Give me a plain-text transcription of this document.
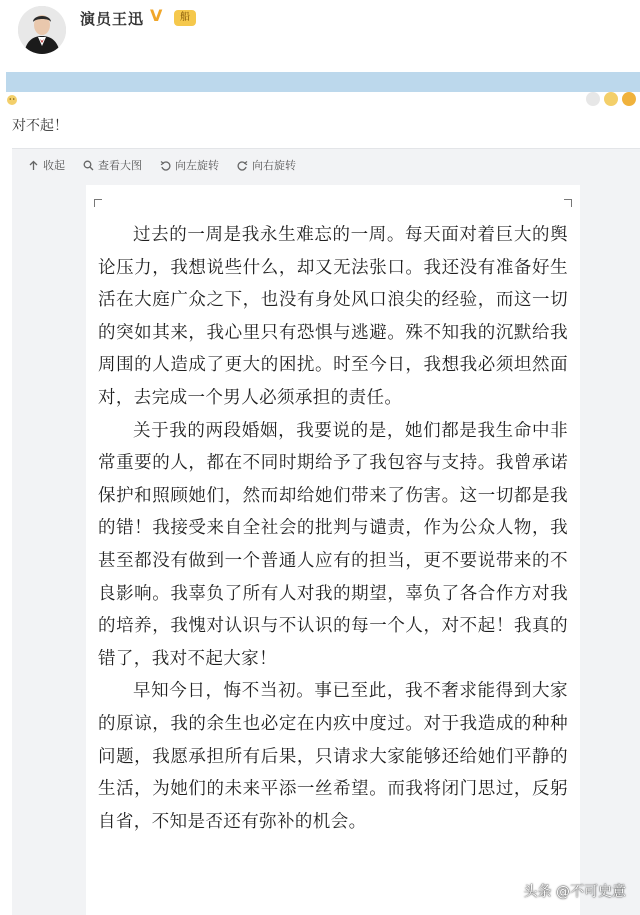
演员王迅 V	船
对不起！
收起	查看大图	向左旋转	向右旋转

过去的一周是我永生难忘的一周。每天面对着巨大的舆论压力，我想说些什么，却又无法张口。我还没有准备好生活在大庭广众之下，也没有身处风口浪尖的经验，而这一切的突如其来，我心里只有恐惧与逃避。殊不知我的沉默给我周围的人造成了更大的困扰。时至今日，我想我必须坦然面对，去完成一个男人必须承担的责任。

关于我的两段婚姻，我要说的是，她们都是我生命中非常重要的人，都在不同时期给予了我包容与支持。我曾承诺保护和照顾她们，然而却给她们带来了伤害。这一切都是我的错！我接受来自全社会的批判与谴责，作为公众人物，我甚至都没有做到一个普通人应有的担当，更不要说带来的不良影响。我辜负了所有人对我的期望，辜负了各合作方对我的培养，我愧对认识与不认识的每一个人，对不起！我真的错了，我对不起大家！

早知今日，悔不当初。事已至此，我不奢求能得到大家的原谅，我的余生也必定在内疚中度过。对于我造成的种种问题，我愿承担所有后果，只请求大家能够还给她们平静的生活，为她们的未来平添一丝希望。而我将闭门思过，反躬自省，不知是否还有弥补的机会。

头条 @不可史意
